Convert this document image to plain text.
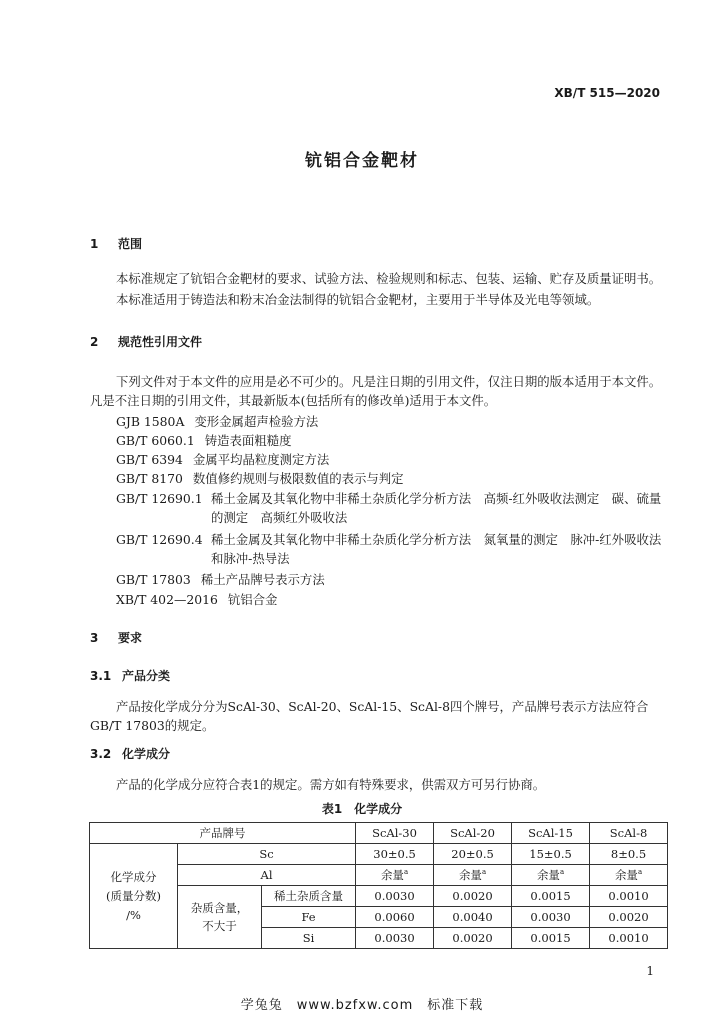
XB/T 515—2020
钪铝合金靶材
1 范围
本标准规定了钪铝合金靶材的要求、试验方法、检验规则和标志、包装、运输、贮存及质量证明书。
本标准适用于铸造法和粉末冶金法制得的钪铝合金靶材，主要用于半导体及光电等领域。
2 规范性引用文件
下列文件对于本文件的应用是必不可少的。凡是注日期的引用文件，仅注日期的版本适用于本文件。凡是不注日期的引用文件，其最新版本(包括所有的修改单)适用于本文件。
GJB 1580A 变形金属超声检验方法
GB/T 6060.1 铸造表面粗糙度
GB/T 6394 金属平均晶粒度测定方法
GB/T 8170 数值修约规则与极限数值的表示与判定
GB/T 12690.1 稀土金属及其氧化物中非稀土杂质化学分析方法　高频-红外吸收法测定　碳、硫量的测定　高频红外吸收法
GB/T 12690.4 稀土金属及其氧化物中非稀土杂质化学分析方法　氮氧量的测定　脉冲-红外吸收法和脉冲-热导法
GB/T 17803 稀土产品牌号表示方法
XB/T 402—2016 钪铝合金
3 要求
3.1 产品分类
产品按化学成分分为ScAl-30、ScAl-20、ScAl-15、ScAl-8四个牌号，产品牌号表示方法应符合GB/T 17803的规定。
3.2 化学成分
产品的化学成分应符合表1的规定。需方如有特殊要求，供需双方可另行协商。
表1　化学成分
产品牌号			ScAl-30	ScAl-20	ScAl-15	ScAl-8

化学成分
(质量分数)
/%	Sc		30±0.5	20±0.5	15±0.5	8±0.5
	Al		余量$^a$	余量$^a$	余量$^a$	余量$^a$

	杂质含量，
不大于	稀土杂质含量	0.0030	0.0020	0.0015	0.0010
		Fe	0.0060	0.0040	0.0030	0.0020
		Si	0.0030	0.0020	0.0015	0.0010
1
学兔兔　www.bzfxw.com　标准下载
